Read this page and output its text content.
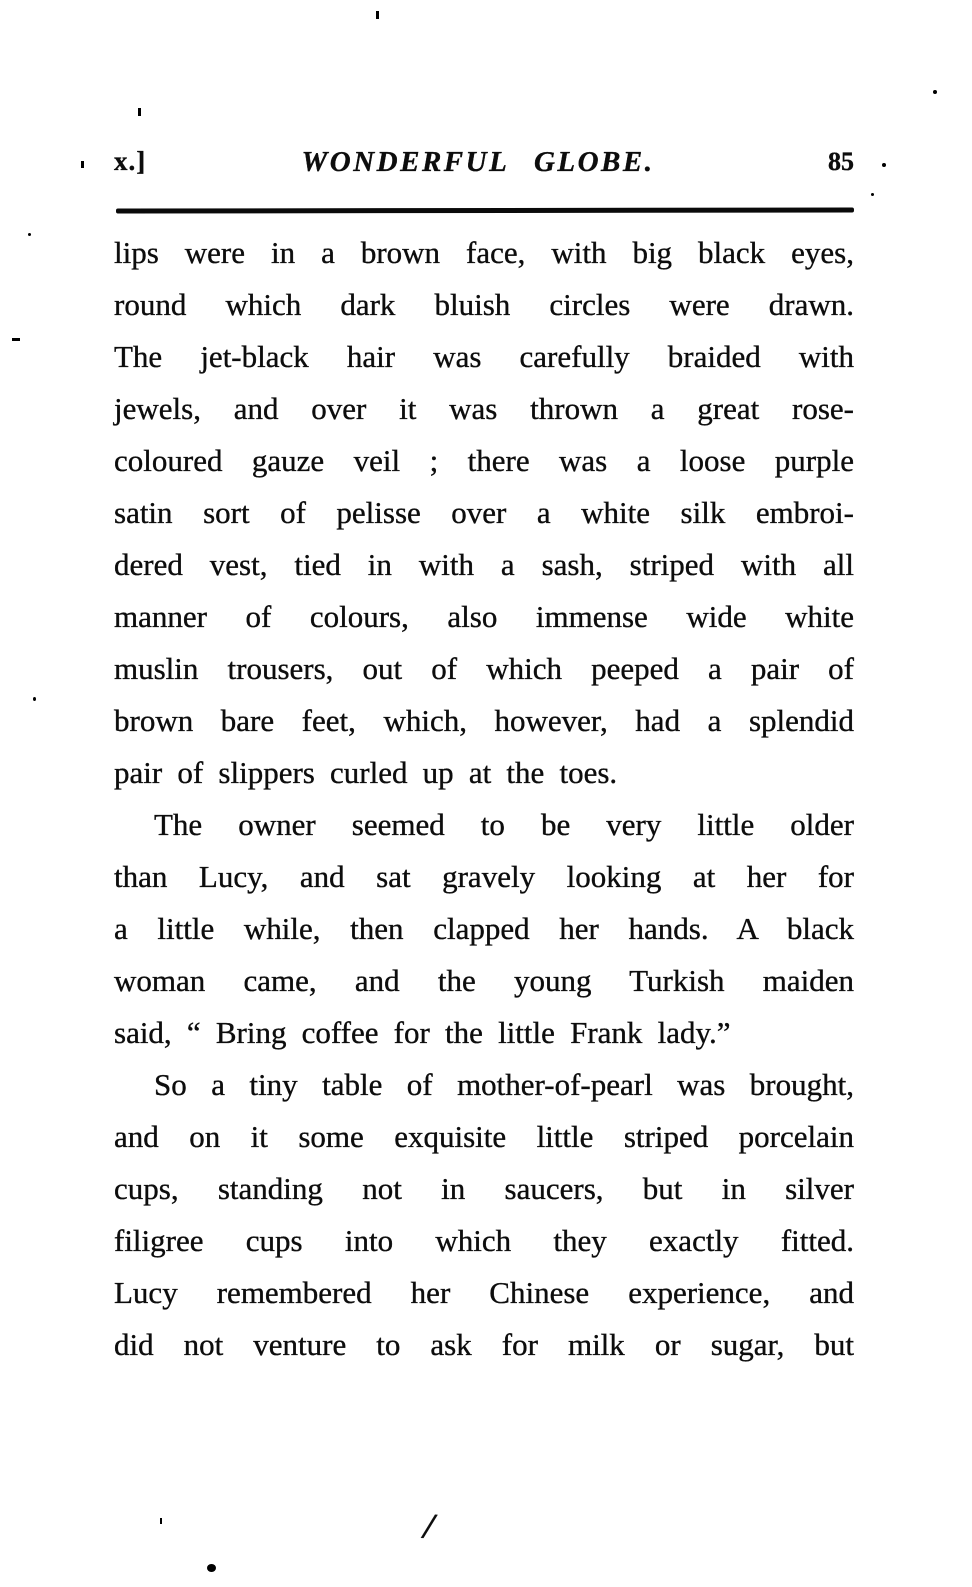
x.]	WONDERFUL GLOBE.	85
lips were in a brown face, with big black eyes,
round which dark bluish circles were drawn.
The jet-black hair was carefully braided with
jewels, and over it was thrown a great rose-
coloured gauze veil ; there was a loose purple
satin sort of pelisse over a white silk embroi-
dered vest, tied in with a sash, striped with all
manner of colours, also immense wide white
muslin trousers, out of which peeped a pair of
brown bare feet, which, however, had a splendid
pair of slippers curled up at the toes.
The owner seemed to be very little older
than Lucy, and sat gravely looking at her for
a little while, then clapped her hands. A black
woman came, and the young Turkish maiden
said, “ Bring coffee for the little Frank lady.”
So a tiny table of mother-of-pearl was brought,
and on it some exquisite little striped porcelain
cups, standing not in saucers, but in silver
filigree cups into which they exactly fitted.
Lucy remembered her Chinese experience, and
did not venture to ask for milk or sugar, but
/
